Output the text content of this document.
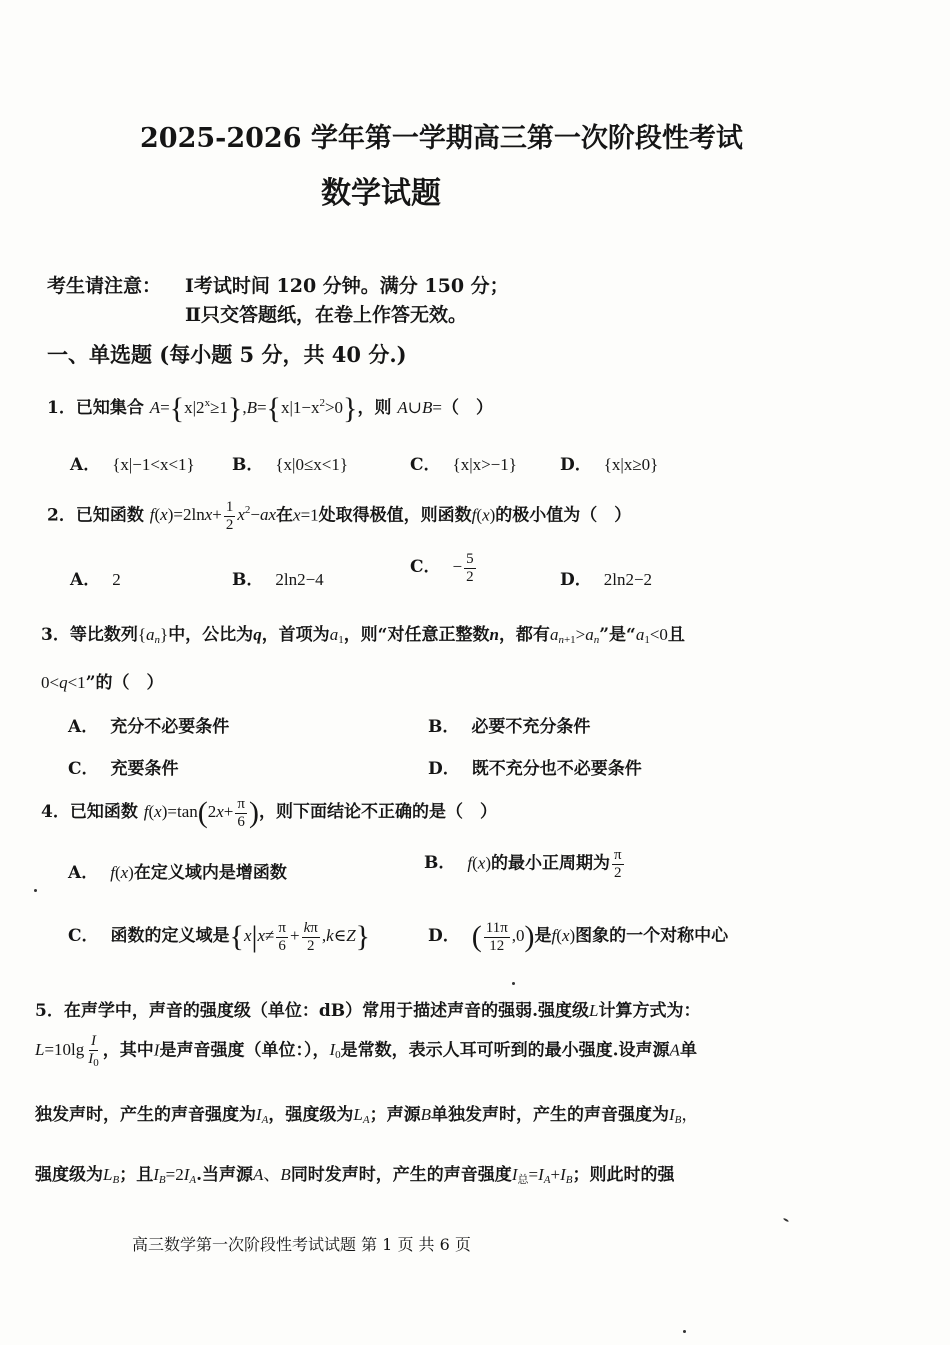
2025-2026 学年第一学期高三第一次阶段性考试
数学试题
考生请注意： Ⅰ考试时间 120 分钟。满分 150 分；
Ⅱ只交答题纸，在卷上作答无效。
一、单选题 (每小题 5 分，共 40 分.)
1．已知集合 $A=\{x|2^x\ge 1\},B=\{x|1-x^2>0\}$，则 A∪B=（　）
A． {x|−1<x<1} B． {x|0≤x<1}	C． {x|x>−1}	D． {x|x≥0}
2．已知函数 $f(x)=2\ln x+ \frac{1}{2} x^2-ax$在x=1处取得极值，则函数f(x)的极小值为（　）
A． 2	B． 2ln2−4
C． − $\frac{5}{2}$	D． 2ln2−2
3．等比数列$\{a_n\}$中，公比为q，首项为$a_1$，则“对任意正整数n，都有$a_{n+1}>a_n$”是“$a_1<0$且
0<q<1”的（　）
A． 充分不必要条件	B． 必要不充分条件
C． 充要条件	D． 既不充分也不必要条件
4．已知函数 $f(x)=\tan(2x+ \frac{\pi}{6}$ )，则下面结论不正确的是（　）
A． f(x)在定义域内是增函数	B． f(x)的最小正周期为 $\frac{\pi}{2}$
C． 函数的定义域是{$x|x\ne \frac{\pi}{6} + \frac{k\pi}{2}$ ,k∈Z}	D． ( $\frac{11\pi}{12} ,0$)是f(x)图象的一个对称中心
5．在声学中，声音的强度级（单位：dB）常用于描述声音的强弱.强度级L计算方式为：
$L=10\lg \frac{I}{I_0}$ ，其中I是声音强度（单位：），$I_0$是常数，表示人耳可听到的最小强度.设声源A单
独发声时，产生的声音强度为$I_A$，强度级为$L_A$；声源B单独发声时，产生的声音强度为$I_B$，
强度级为$L_B$；且$I_B=2I_A$.当声源A、B同时发声时，产生的声音强度$I_总=I_A+I_B$；则此时的强
高三数学第一次阶段性考试试题 第 1 页 共 6 页
